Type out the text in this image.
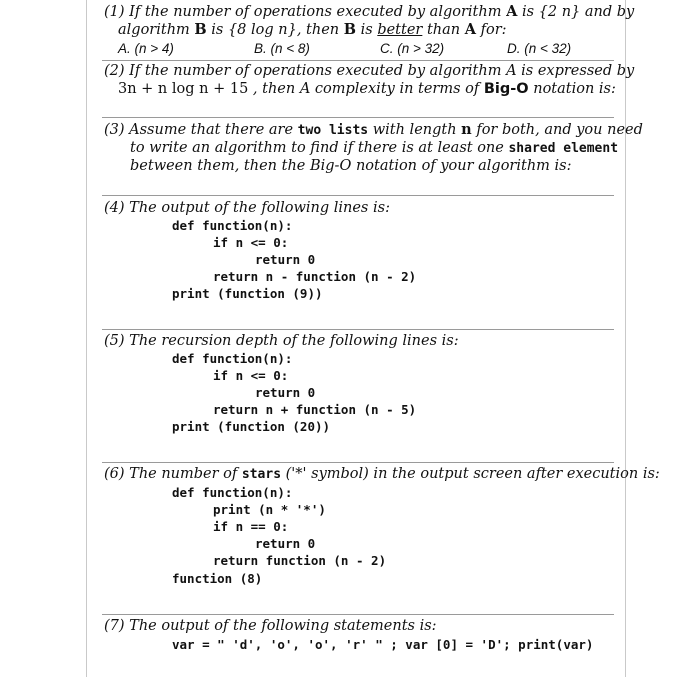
(1) If the number of operations executed by algorithm A is {2 n} and by
algorithm B is {8 log n}, then B is better than A for:
A. (n > 4)	B. (n < 8)	C. (n > 32)	D. (n < 32)
(2) If the number of operations executed by algorithm A is expressed by
3n + n log n + 15 , then A complexity in terms of Big-O notation is:
(3) Assume that there are two lists with length n for both, and you need
to write an algorithm to find if there is at least one shared element
between them, then the Big-O notation of your algorithm is:
(4) The output of the following lines is:
def function(n):
if n <= 0:
return 0
return n - function (n - 2)
print (function (9))
(5) The recursion depth of the following lines is:
def function(n):
if n <= 0:
return 0
return n + function (n - 5)
print (function (20))
(6) The number of stars ('*' symbol) in the output screen after execution is:
def function(n):
print (n * '*')
if n == 0:
return 0
return function (n - 2)
function (8)
(7) The output of the following statements is:
var = " 'd', 'o', 'o', 'r' " ; var [0] = 'D'; print(var)
